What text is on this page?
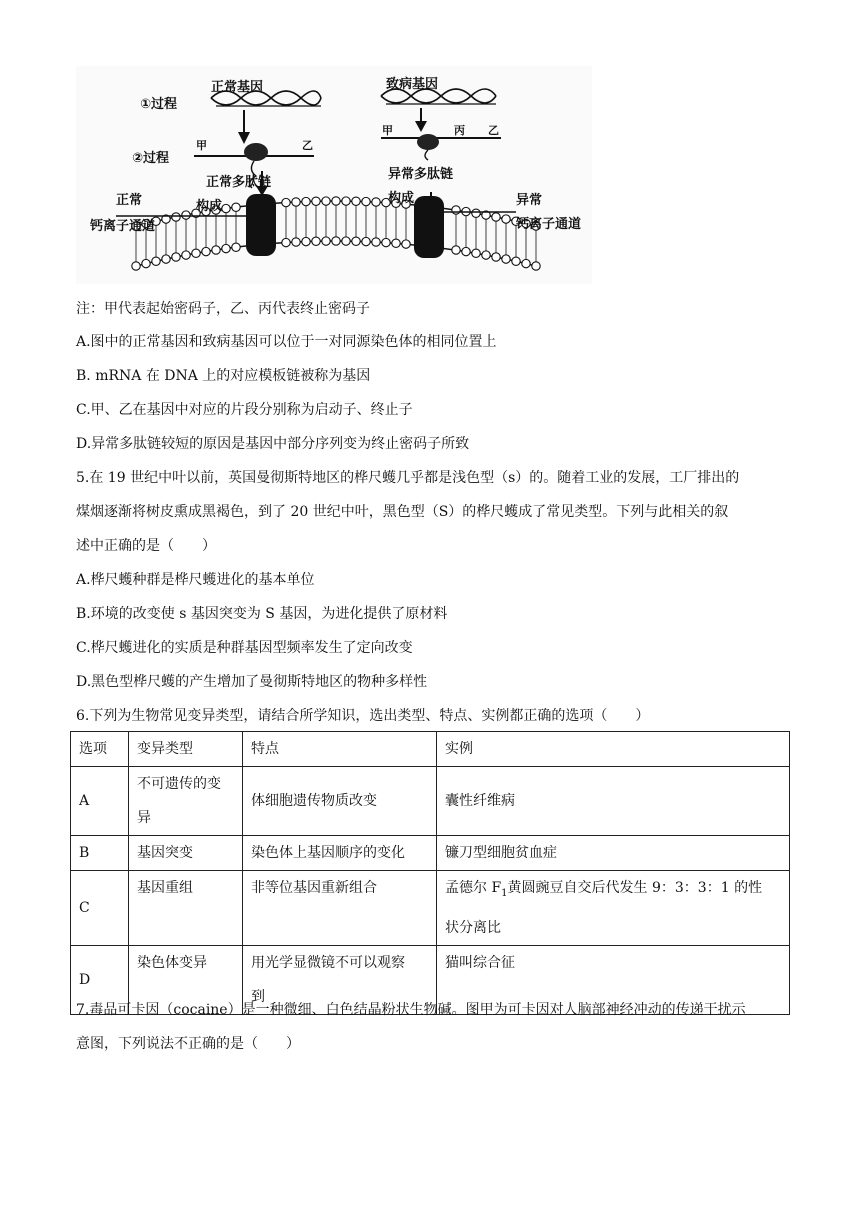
正常基因
①过程
②过程
甲	乙
正常多肽链
构成
正常
钙离子通道
致病基因
甲	丙 乙
异常多肽链
构成	异常
钙离子通道
注：甲代表起始密码子，乙、丙代表终止密码子
A.图中的正常基因和致病基因可以位于一对同源染色体的相同位置上
B. mRNA 在 DNA 上的对应模板链被称为基因
C.甲、乙在基因中对应的片段分别称为启动子、终止子
D.异常多肽链较短的原因是基因中部分序列变为终止密码子所致
5.在 19 世纪中叶以前，英国曼彻斯特地区的桦尺蠖几乎都是浅色型（s）的。随着工业的发展，工厂排出的
煤烟逐渐将树皮熏成黑褐色，到了 20 世纪中叶，黑色型（S）的桦尺蠖成了常见类型。下列与此相关的叙
述中正确的是（　　）
A.桦尺蠖种群是桦尺蠖进化的基本单位
B.环境的改变使 s 基因突变为 S 基因，为进化提供了原材料
C.桦尺蠖进化的实质是种群基因型频率发生了定向改变
D.黑色型桦尺蠖的产生增加了曼彻斯特地区的物种多样性
6.下列为生物常见变异类型，请结合所学知识，选出类型、特点、实例都正确的选项（　　）
选项	变异类型	特点	实例
A	不可遗传的变异	体细胞遗传物质改变	囊性纤维病
B	基因突变	染色体上基因顺序的变化	镰刀型细胞贫血症
C	基因重组	非等位基因重新组合	孟德尔 $F_1$黄圆豌豆自交后代发生 9：3：3：1 的性
状分离比
D	染色体变异	用光学显微镜不可以观察
到	猫叫综合征
7.毒品可卡因（cocaine）是一种微细、白色结晶粉状生物碱。图甲为可卡因对人脑部神经冲动的传递干扰示
意图，下列说法不正确的是（　　）
